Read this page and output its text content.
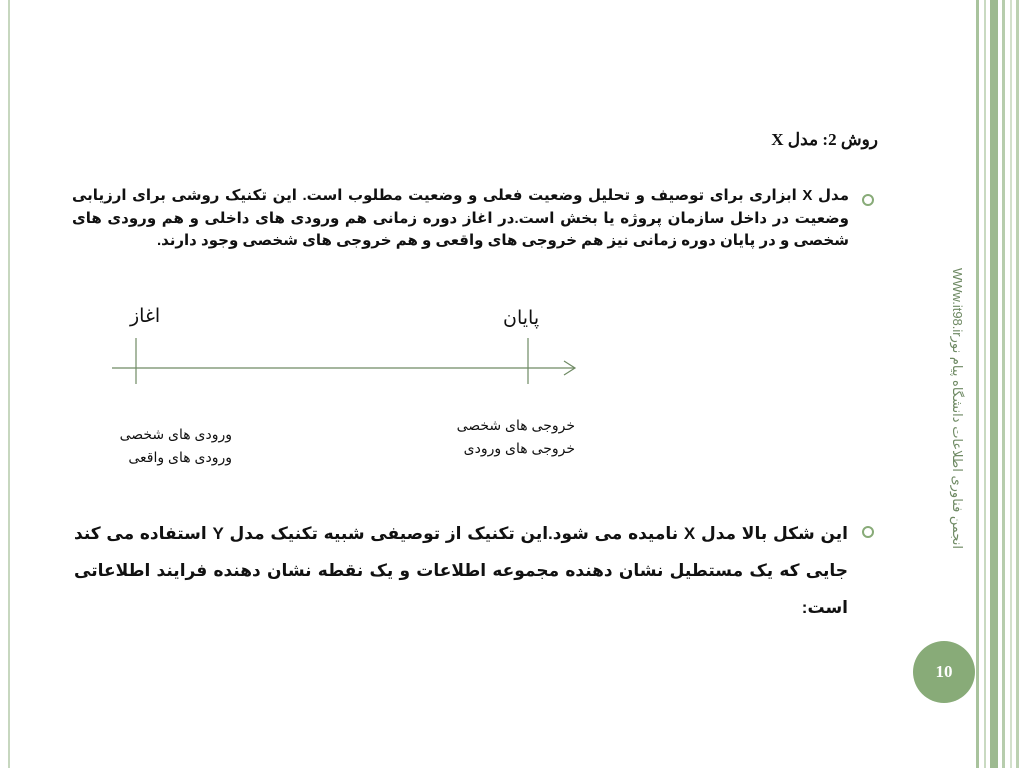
روش 2: مدل X
مدل X ابزاری برای توصیف و تحلیل وضعیت فعلی و وضعیت مطلوب است. این تکنیک روشی برای ارزیابی وضعیت در داخل سازمان پروژه یا بخش است.در اغاز دوره زمانی هم ورودی های داخلی و هم ورودی های شخصی و در پایان دوره زمانی نیز هم خروجی های واقعی و هم خروجی های شخصی وجود دارند.
اغاز	پایان
ورودی های شخصی
ورودی های واقعی
خروجی های شخصی
خروجی های ورودی
این شکل بالا مدل X نامیده می شود.این تکنیک از توصیفی شبیه تکنیک مدل Y استفاده می کند جایی که یک مستطیل نشان دهنده مجموعه اطلاعات و یک نقطه نشان دهنده فرایند اطلاعاتی است:
WWw.it98.irانجمن فناوری اطلاعات دانشگاه پیام نور
10
